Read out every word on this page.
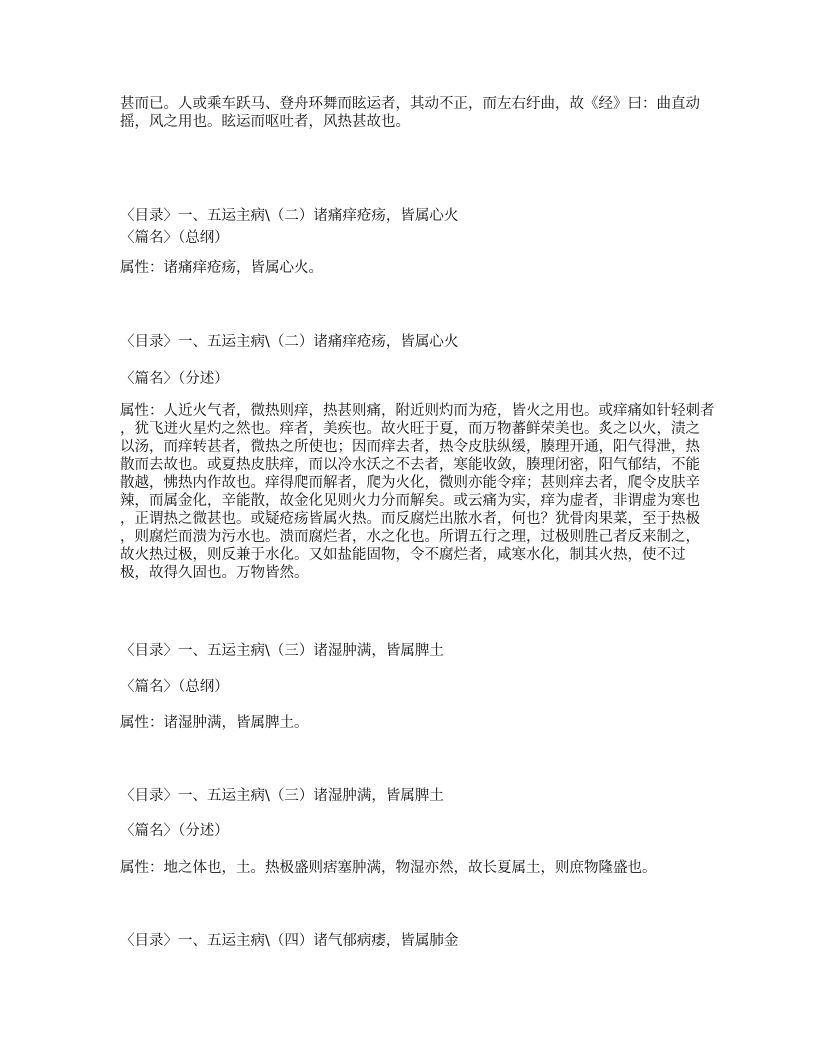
甚而已。人或乘车跃马、登舟环舞而眩运者，其动不正，而左右纡曲，故《经》曰：曲直动
摇，风之用也。眩运而呕吐者，风热甚故也。
〈目录〉一、五运主病\（二）诸痛痒疮疡，皆属心火
〈篇名〉（总纲）
属性：诸痛痒疮疡，皆属心火。
〈目录〉一、五运主病\（二）诸痛痒疮疡，皆属心火
〈篇名〉（分述）
属性：人近火气者，微热则痒，热甚则痛，附近则灼而为疮，皆火之用也。或痒痛如针轻刺者
，犹飞迸火星灼之然也。痒者，美疾也。故火旺于夏，而万物蕃鲜荣美也。炙之以火，渍之
以汤，而痒转甚者，微热之所使也；因而痒去者，热令皮肤纵缓，腠理开通，阳气得泄，热
散而去故也。或夏热皮肤痒，而以冷水沃之不去者，寒能收敛，腠理闭密，阳气郁结，不能
散越，怫热内作故也。痒得爬而解者，爬为火化，微则亦能令痒；甚则痒去者，爬令皮肤辛
辣，而属金化，辛能散，故金化见则火力分而解矣。或云痛为实，痒为虚者，非谓虚为寒也
，正谓热之微甚也。或疑疮疡皆属火热。而反腐烂出脓水者，何也？犹骨肉果菜，至于热极
，则腐烂而溃为污水也。溃而腐烂者，水之化也。所谓五行之理，过极则胜己者反来制之，
故火热过极，则反兼于水化。又如盐能固物，令不腐烂者，咸寒水化，制其火热，使不过
极，故得久固也。万物皆然。
〈目录〉一、五运主病\（三）诸湿肿满，皆属脾土
〈篇名〉（总纲）
属性：诸湿肿满，皆属脾土。
〈目录〉一、五运主病\（三）诸湿肿满，皆属脾土
〈篇名〉（分述）
属性：地之体也，土。热极盛则痞塞肿满，物湿亦然，故长夏属土，则庶物隆盛也。
〈目录〉一、五运主病\（四）诸气郁病痿，皆属肺金
